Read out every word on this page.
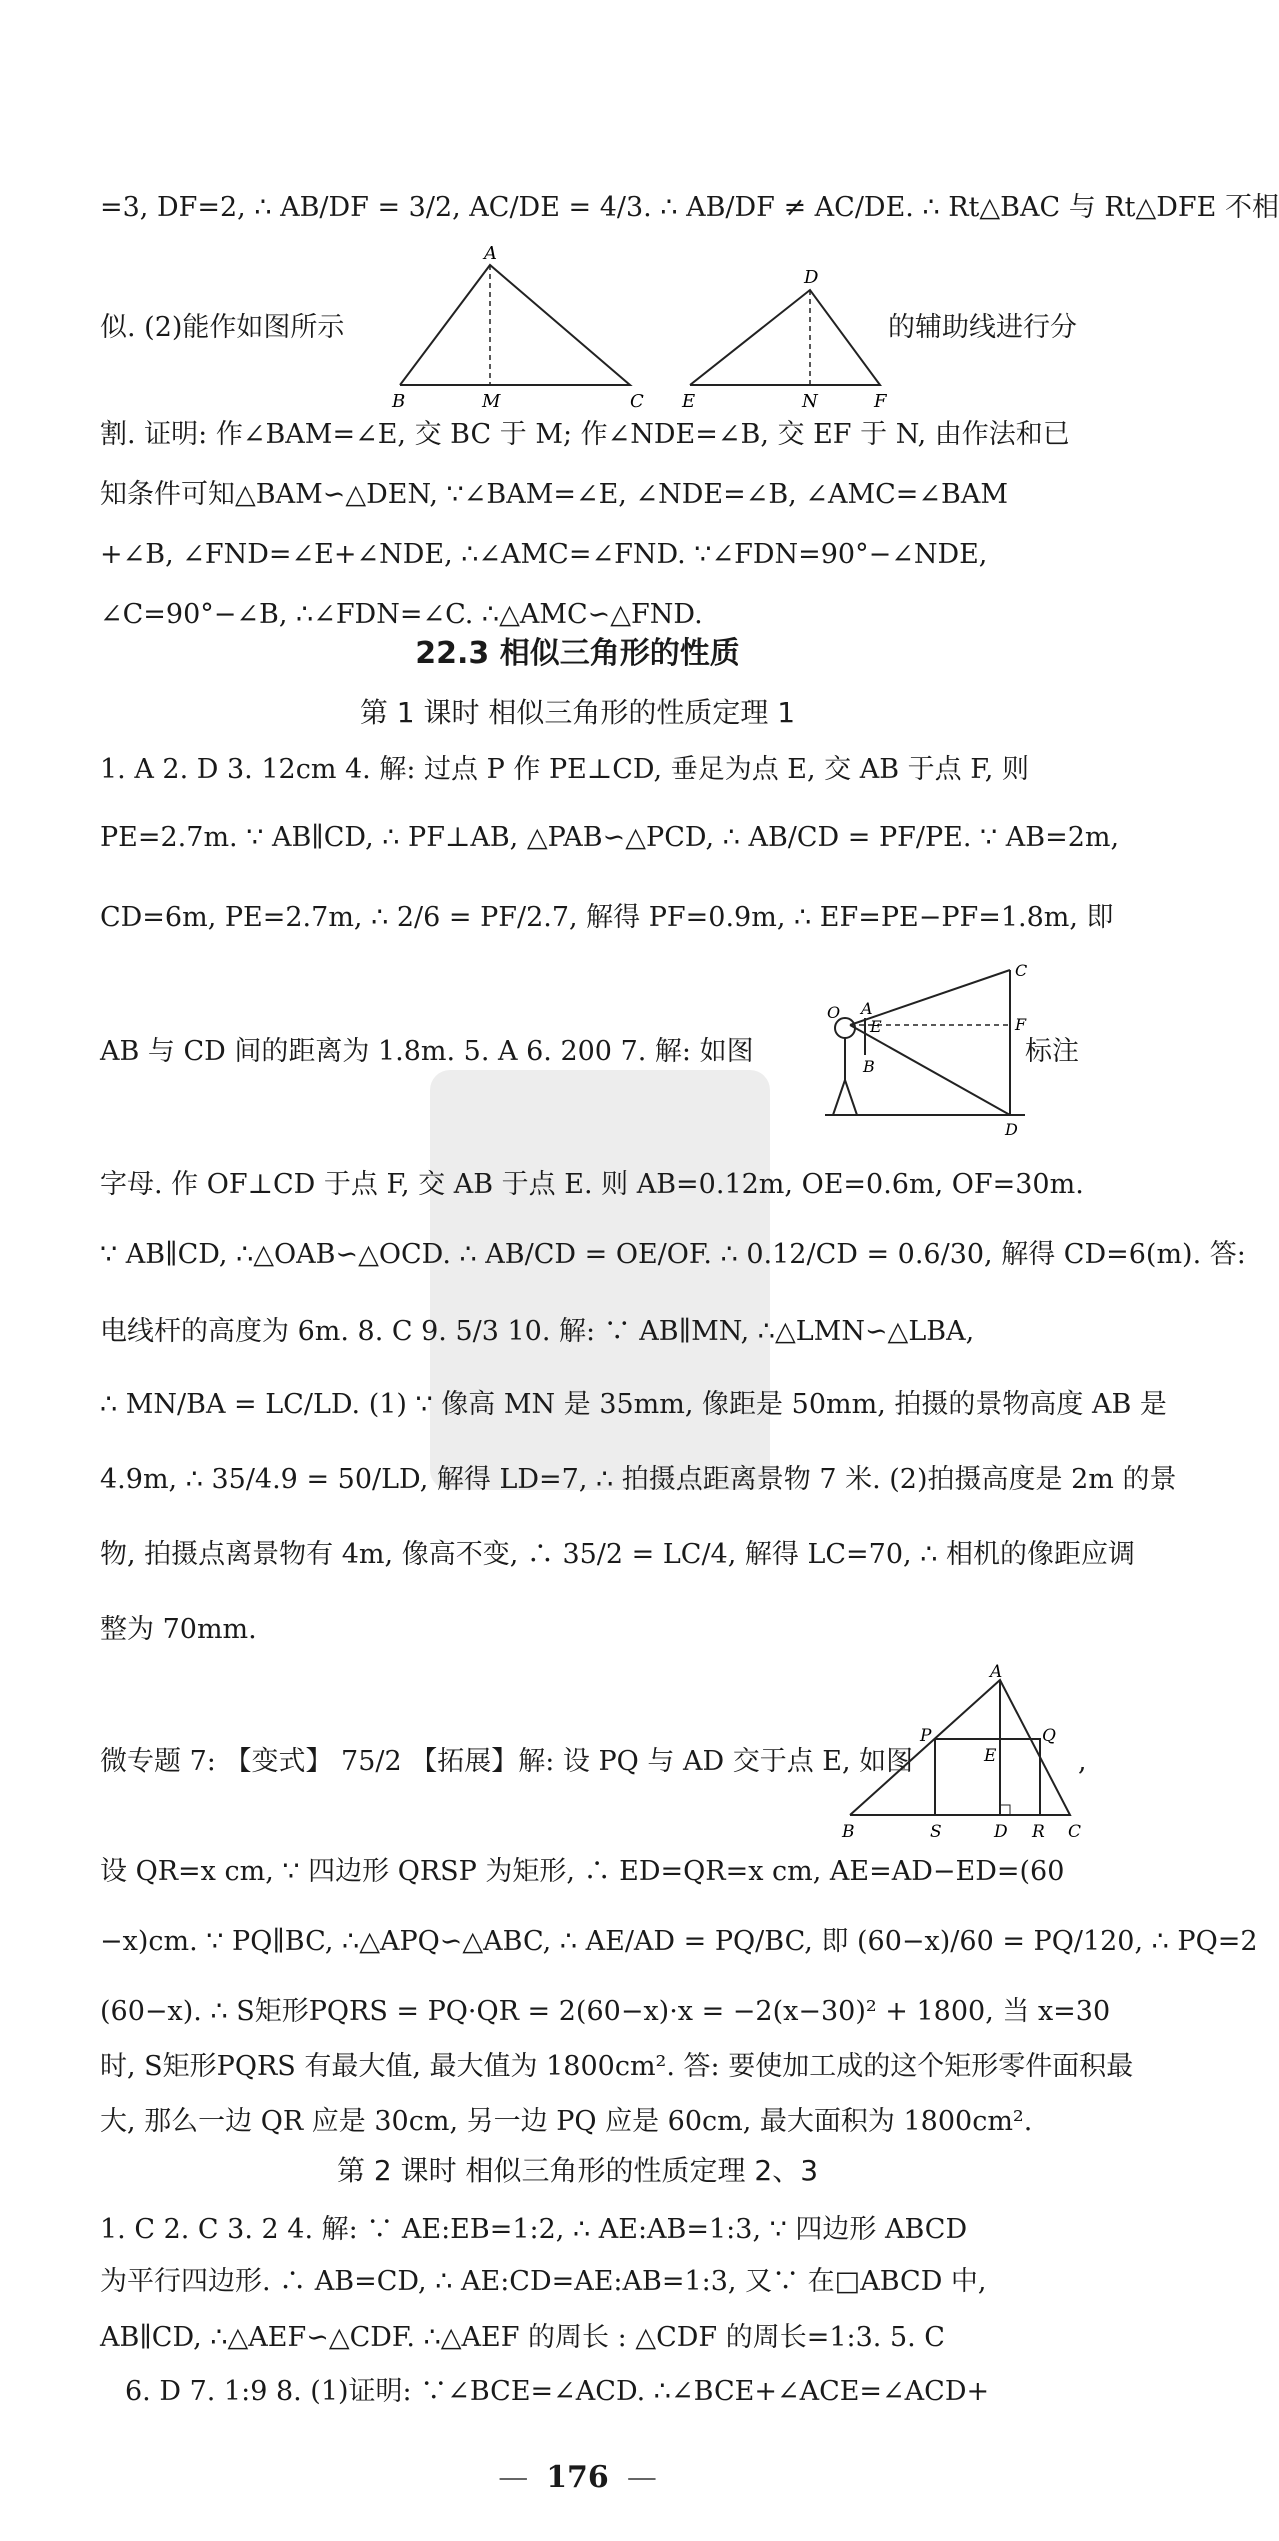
=3, DF=2, ∴ AB/DF = 3/2, AC/DE = 4/3. ∴ AB/DF ≠ AC/DE. ∴ Rt△BAC 与 Rt△DFE 不相
似. (2)能作如图所示
A
B	M	C
D
E	N	F
的辅助线进行分
割. 证明: 作∠BAM=∠E, 交 BC 于 M; 作∠NDE=∠B, 交 EF 于 N, 由作法和已
知条件可知△BAM∽△DEN, ∵∠BAM=∠E, ∠NDE=∠B, ∠AMC=∠BAM
+∠B, ∠FND=∠E+∠NDE, ∴∠AMC=∠FND. ∵∠FDN=90°−∠NDE,
∠C=90°−∠B, ∴∠FDN=∠C. ∴△AMC∽△FND.
22.3 相似三角形的性质
第 1 课时 相似三角形的性质定理 1
1. A 2. D 3. 12cm 4. 解: 过点 P 作 PE⊥CD, 垂足为点 E, 交 AB 于点 F, 则
PE=2.7m. ∵ AB∥CD, ∴ PF⊥AB, △PAB∽△PCD, ∴ AB/CD = PF/PE. ∵ AB=2m,
CD=6m, PE=2.7m, ∴ 2/6 = PF/2.7, 解得 PF=0.9m, ∴ EF=PE−PF=1.8m, 即
AB 与 CD 间的距离为 1.8m. 5. A 6. 200 7. 解: 如图
C
O A
E	F
B
D
标注
字母. 作 OF⊥CD 于点 F, 交 AB 于点 E. 则 AB=0.12m, OE=0.6m, OF=30m.
∵ AB∥CD, ∴△OAB∽△OCD. ∴ AB/CD = OE/OF. ∴ 0.12/CD = 0.6/30, 解得 CD=6(m). 答:
电线杆的高度为 6m. 8. C 9. 5/3 10. 解: ∵ AB∥MN, ∴△LMN∽△LBA,
∴ MN/BA = LC/LD. (1) ∵ 像高 MN 是 35mm, 像距是 50mm, 拍摄的景物高度 AB 是
4.9m, ∴ 35/4.9 = 50/LD, 解得 LD=7, ∴ 拍摄点距离景物 7 米. (2)拍摄高度是 2m 的景
物, 拍摄点离景物有 4m, 像高不变, ∴ 35/2 = LC/4, 解得 LC=70, ∴ 相机的像距应调
整为 70mm.
微专题 7: 【变式】 75/2 【拓展】解: 设 PQ 与 AD 交于点 E, 如图
A
P	Q
E
B	S	D R C
,
设 QR=x cm, ∵ 四边形 QRSP 为矩形, ∴ ED=QR=x cm, AE=AD−ED=(60
−x)cm. ∵ PQ∥BC, ∴△APQ∽△ABC, ∴ AE/AD = PQ/BC, 即 (60−x)/60 = PQ/120, ∴ PQ=2
(60−x). ∴ S矩形PQRS = PQ·QR = 2(60−x)·x = −2(x−30)² + 1800, 当 x=30
时, S矩形PQRS 有最大值, 最大值为 1800cm². 答: 要使加工成的这个矩形零件面积最
大, 那么一边 QR 应是 30cm, 另一边 PQ 应是 60cm, 最大面积为 1800cm².
第 2 课时 相似三角形的性质定理 2、3
1. C 2. C 3. 2 4. 解: ∵ AE:EB=1:2, ∴ AE:AB=1:3, ∵ 四边形 ABCD
为平行四边形. ∴ AB=CD, ∴ AE:CD=AE:AB=1:3, 又∵ 在□ABCD 中,
AB∥CD, ∴△AEF∽△CDF. ∴△AEF 的周长 : △CDF 的周长=1:3. 5. C
6. D 7. 1:9 8. (1)证明: ∵∠BCE=∠ACD. ∴∠BCE+∠ACE=∠ACD+
— 176 —
